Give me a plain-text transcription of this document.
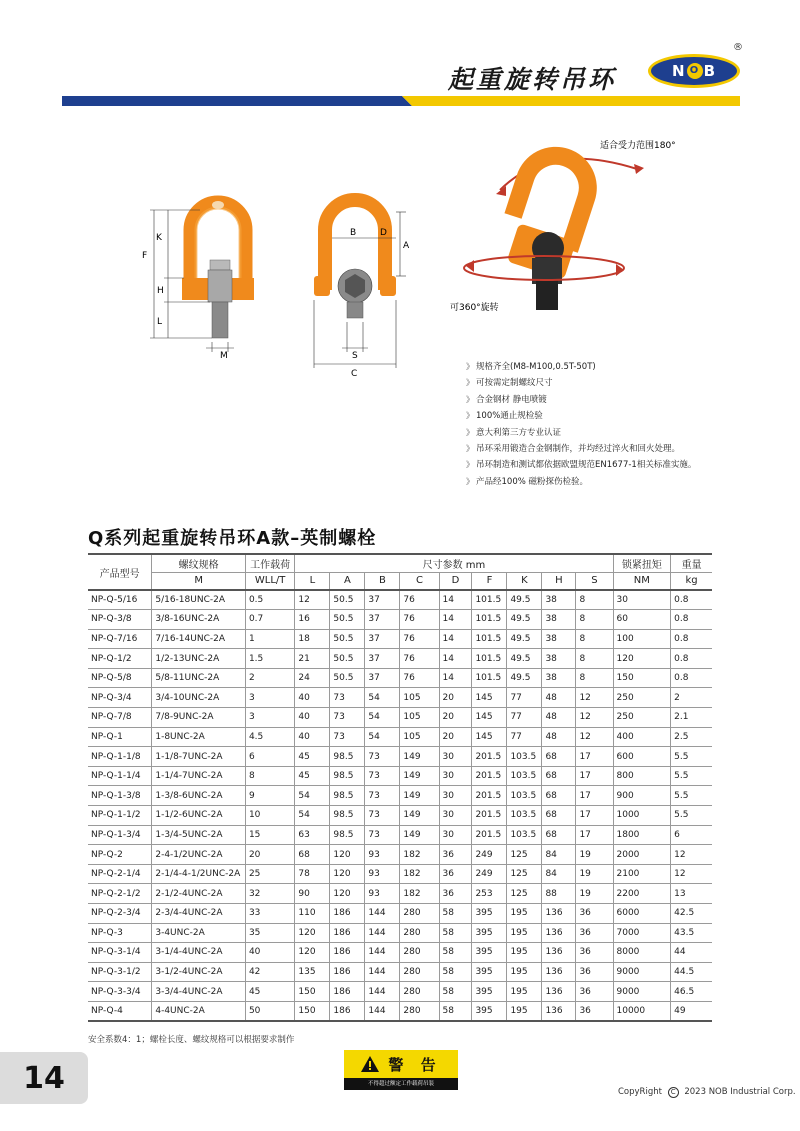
起重旋转吊环	N O B
®
K
F
H
L
M
B	D
A
S
C
适合受力范围180°
可360°旋转
》 规格齐全(M8-M100,0.5T-50T)
》 可按需定制螺纹尺寸
》 合金钢材 静电喷镀
》 100%通止规检验
》 意大利第三方专业认证
》 吊环采用锻造合金钢制作，并均经过淬火和回火处理。
》 吊环制造和测试都依据欧盟规范EN1677-1相关标准实施。
》 产品经100% 磁粉探伤检验。
Q系列起重旋转吊环A款–英制螺栓
产品型号	螺纹规格	工作载荷	尺寸参数 mm									锁紧扭矩	重量
	M	WLL/T	L	A	B	C	D	F	K	H	S	NM	kg
NP-Q-5/16	5/16-18UNC-2A	0.5	12	50.5	37	76	14	101.5	49.5	38	8	30	0.8
NP-Q-3/8	3/8-16UNC-2A	0.7	16	50.5	37	76	14	101.5	49.5	38	8	60	0.8
NP-Q-7/16	7/16-14UNC-2A	1	18	50.5	37	76	14	101.5	49.5	38	8	100	0.8
NP-Q-1/2	1/2-13UNC-2A	1.5	21	50.5	37	76	14	101.5	49.5	38	8	120	0.8
NP-Q-5/8	5/8-11UNC-2A	2	24	50.5	37	76	14	101.5	49.5	38	8	150	0.8
NP-Q-3/4	3/4-10UNC-2A	3	40	73	54	105	20	145	77	48	12	250	2
NP-Q-7/8	7/8-9UNC-2A	3	40	73	54	105	20	145	77	48	12	250	2.1
NP-Q-1	1-8UNC-2A	4.5	40	73	54	105	20	145	77	48	12	400	2.5
NP-Q-1-1/8	1-1/8-7UNC-2A	6	45	98.5	73	149	30	201.5	103.5	68	17	600	5.5
NP-Q-1-1/4	1-1/4-7UNC-2A	8	45	98.5	73	149	30	201.5	103.5	68	17	800	5.5
NP-Q-1-3/8	1-3/8-6UNC-2A	9	54	98.5	73	149	30	201.5	103.5	68	17	900	5.5
NP-Q-1-1/2	1-1/2-6UNC-2A	10	54	98.5	73	149	30	201.5	103.5	68	17	1000	5.5
NP-Q-1-3/4	1-3/4-5UNC-2A	15	63	98.5	73	149	30	201.5	103.5	68	17	1800	6
NP-Q-2	2-4-1/2UNC-2A	20	68	120	93	182	36	249	125	84	19	2000	12
NP-Q-2-1/4	2-1/4-4-1/2UNC-2A	25	78	120	93	182	36	249	125	84	19	2100	12
NP-Q-2-1/2	2-1/2-4UNC-2A	32	90	120	93	182	36	253	125	88	19	2200	13
NP-Q-2-3/4	2-3/4-4UNC-2A	33	110	186	144	280	58	395	195	136	36	6000	42.5
NP-Q-3	3-4UNC-2A	35	120	186	144	280	58	395	195	136	36	7000	43.5
NP-Q-3-1/4	3-1/4-4UNC-2A	40	120	186	144	280	58	395	195	136	36	8000	44
NP-Q-3-1/2	3-1/2-4UNC-2A	42	135	186	144	280	58	395	195	136	36	9000	44.5
NP-Q-3-3/4	3-3/4-4UNC-2A	45	150	186	144	280	58	395	195	136	36	9000	46.5
NP-Q-4	4-4UNC-2A	50	150	186	144	280	58	395	195	136	36	10000	49
安全系数4：1；螺栓长度、螺纹规格可以根据要求制作
14	警 告
不得超过额定工作载荷吊装
CopyRight C 2023 NOB Industrial Corp.
